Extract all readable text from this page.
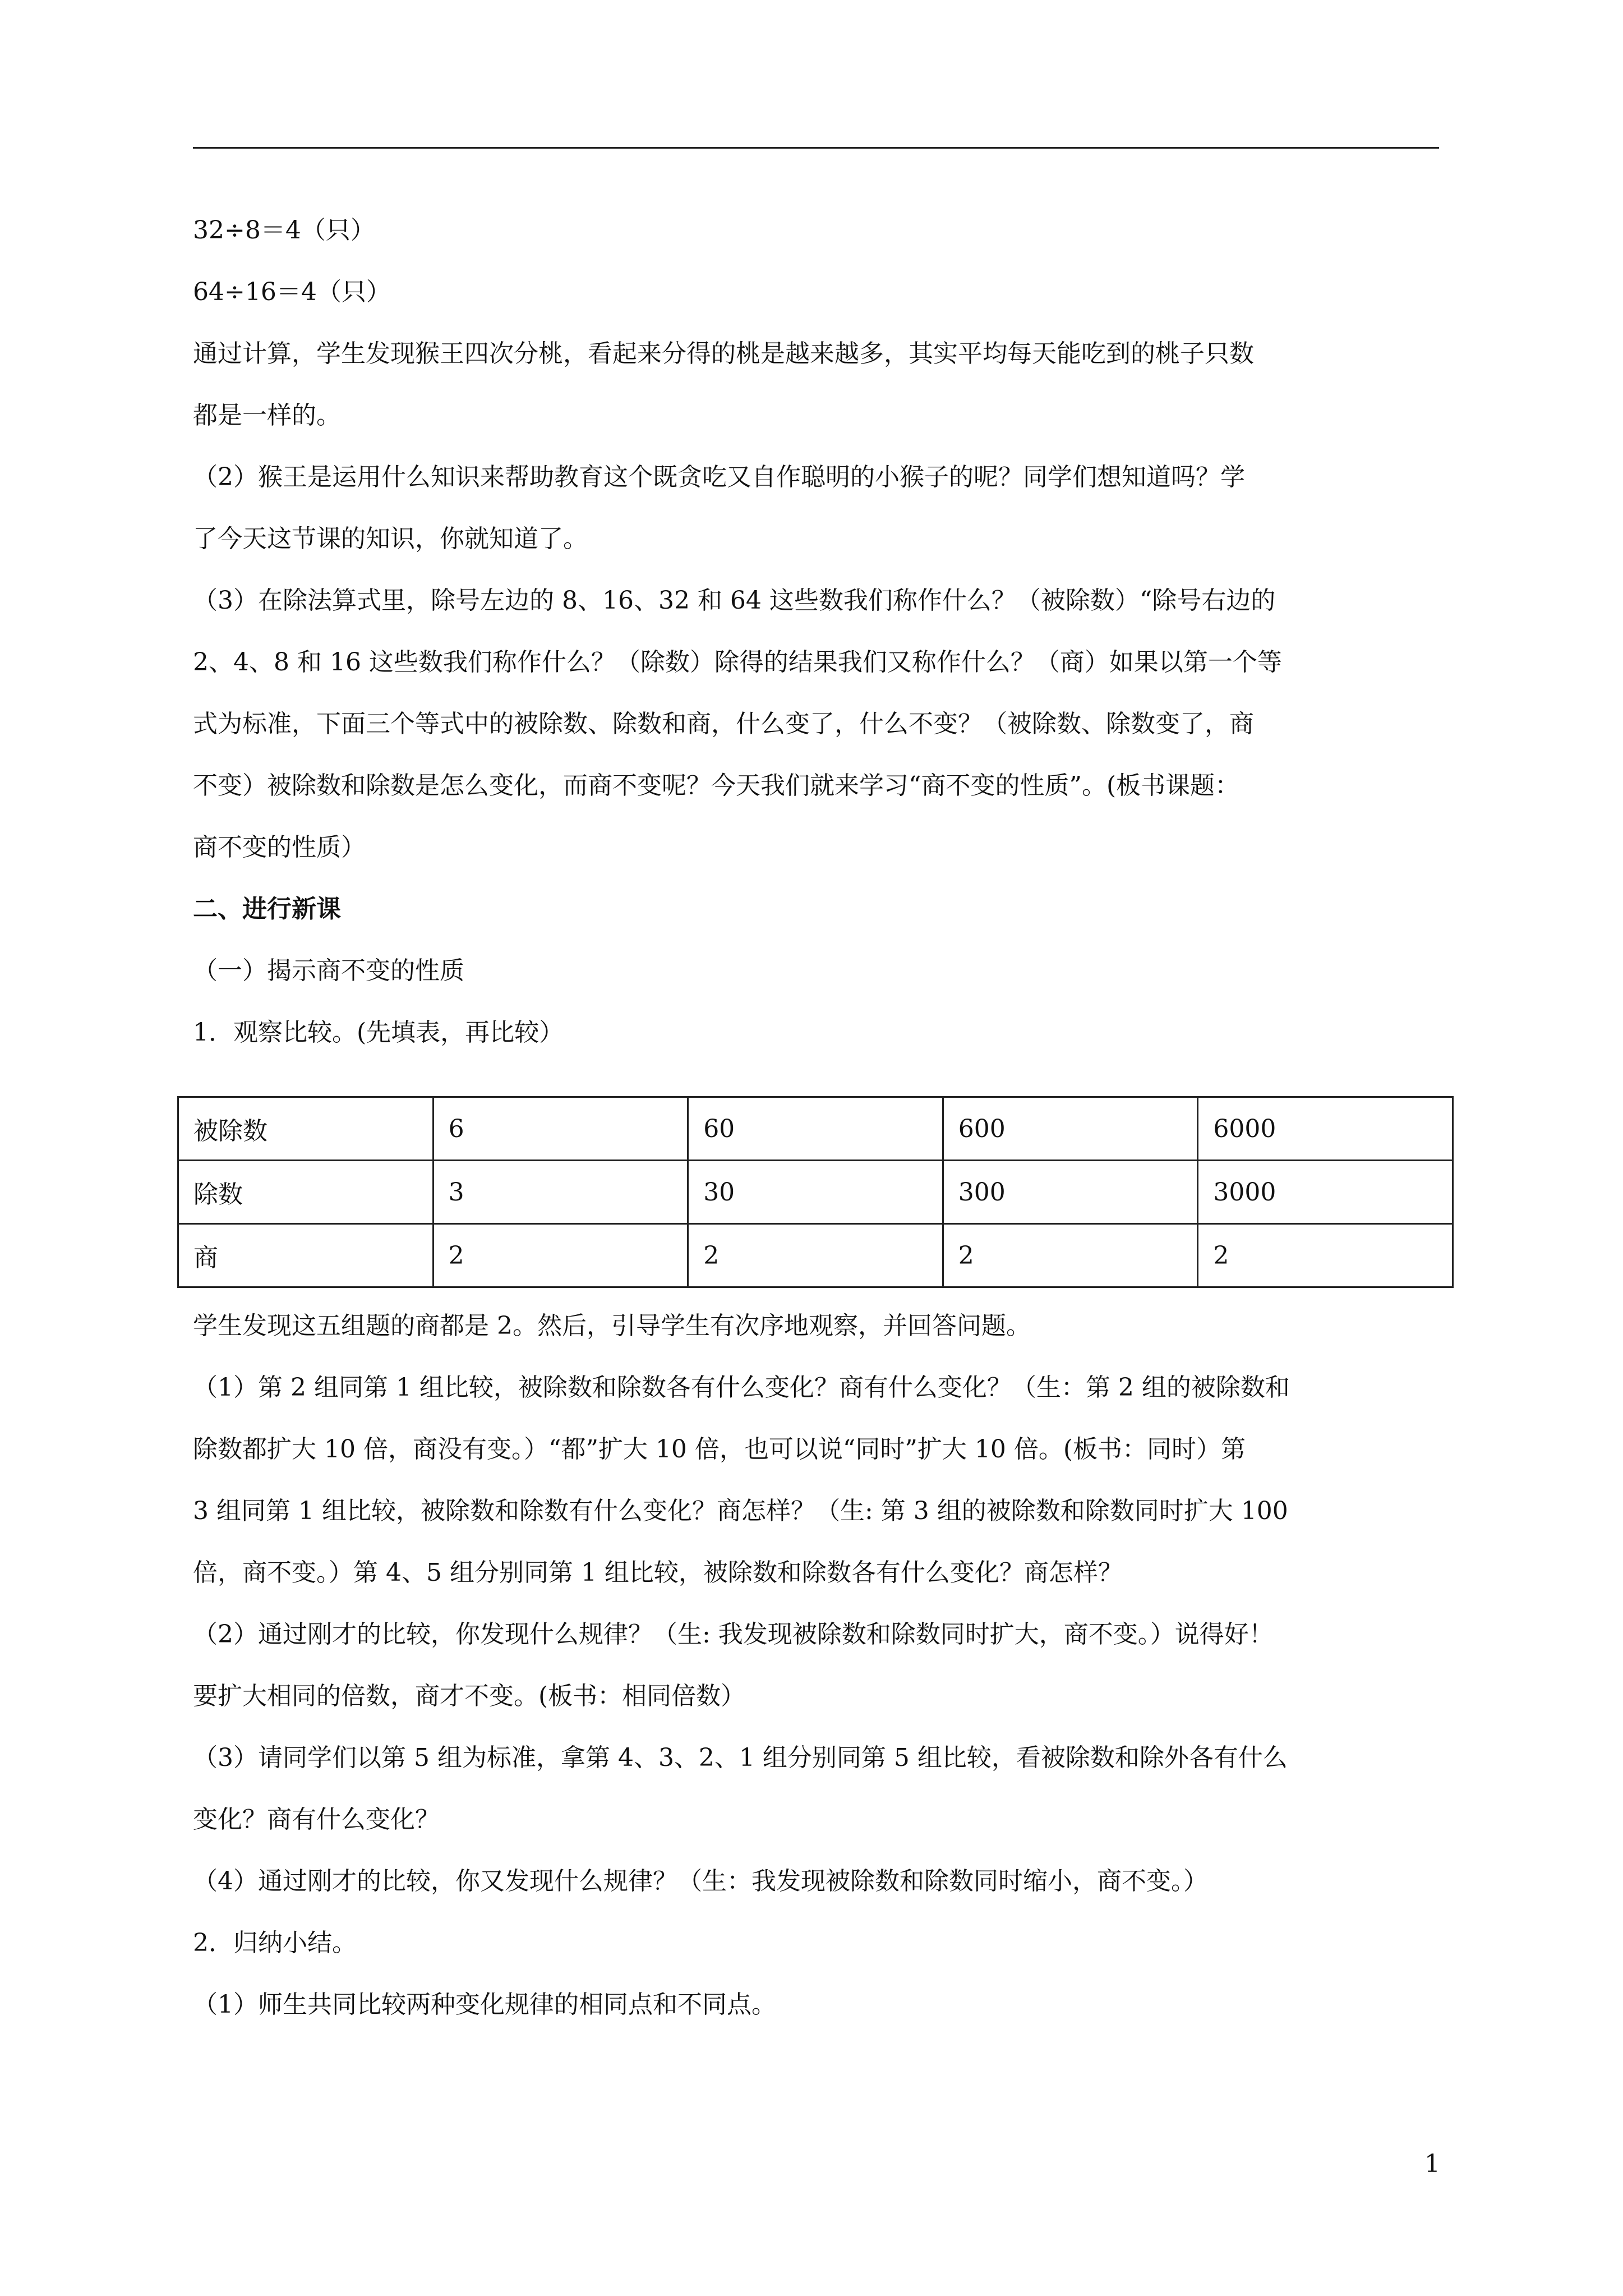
32÷8＝4（只）
64÷16＝4（只）
通过计算，学生发现猴王四次分桃，看起来分得的桃是越来越多，其实平均每天能吃到的桃子只数
都是一样的。
（2）猴王是运用什么知识来帮助教育这个既贪吃又自作聪明的小猴子的呢？同学们想知道吗？学
了今天这节课的知识，你就知道了。
（3）在除法算式里，除号左边的 8、16、32 和 64 这些数我们称作什么？（被除数）“除号右边的
2、4、8 和 16 这些数我们称作什么？（除数）除得的结果我们又称作什么？（商）如果以第一个等
式为标准，下面三个等式中的被除数、除数和商，什么变了，什么不变？（被除数、除数变了，商
不变）被除数和除数是怎么变化，而商不变呢？今天我们就来学习“商不变的性质”。(板书课题：
商不变的性质）
二、进行新课
（一）揭示商不变的性质
1．观察比较。(先填表，再比较）
被除数	6	60	600	6000
除数	3	30	300	3000
商	2	2	2	2
学生发现这五组题的商都是 2。然后，引导学生有次序地观察，并回答问题。
（1）第 2 组同第 1 组比较，被除数和除数各有什么变化？商有什么变化？（生：第 2 组的被除数和
除数都扩大 10 倍，商没有变。）“都”扩大 10 倍，也可以说“同时”扩大 10 倍。(板书：同时）第
3 组同第 1 组比较，被除数和除数有什么变化？商怎样？（生: 第 3 组的被除数和除数同时扩大 100
倍，商不变。）第 4、5 组分别同第 1 组比较，被除数和除数各有什么变化？商怎样？
（2）通过刚才的比较，你发现什么规律？（生: 我发现被除数和除数同时扩大，商不变。）说得好！
要扩大相同的倍数，商才不变。(板书：相同倍数）
（3）请同学们以第 5 组为标准，拿第 4、3、2、1 组分别同第 5 组比较，看被除数和除外各有什么
变化？商有什么变化？
（4）通过刚才的比较，你又发现什么规律？（生：我发现被除数和除数同时缩小，商不变。）
2．归纳小结。
（1）师生共同比较两种变化规律的相同点和不同点。
1
